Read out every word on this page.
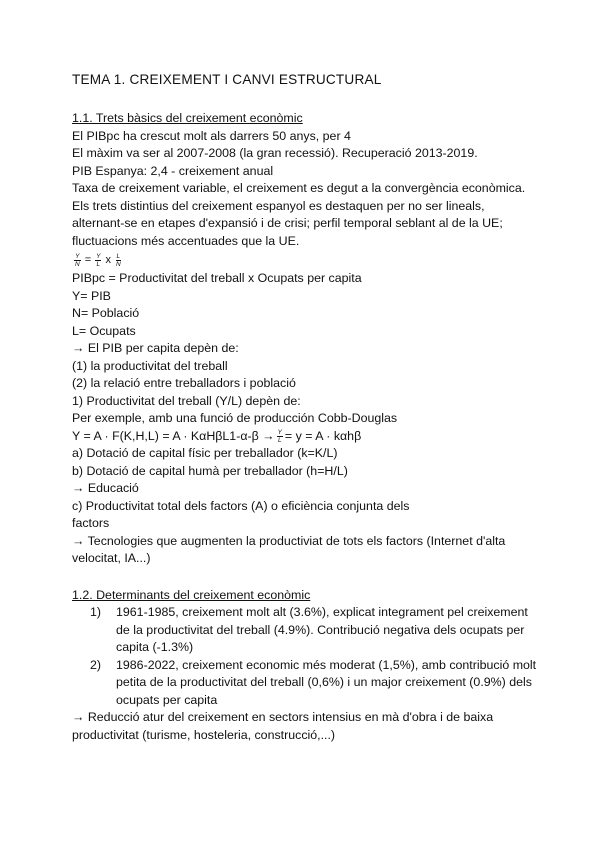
TEMA 1. CREIXEMENT I CANVI ESTRUCTURAL
1.1. Trets bàsics del creixement econòmic
El PIBpc ha crescut molt als darrers 50 anys, per 4
El màxim va ser al 2007-2008 (la gran recessió). Recuperació 2013-2019.
PIB Espanya: 2,4 - creixement anual
Taxa de creixement variable, el creixement es degut a la convergència econòmica.
Els trets distintius del creixement espanyol es destaquen per no ser lineals,
alternant-se en etapes d'expansió i de crisi; perfil temporal seblant al de la UE;
fluctuacions més accentuades que la UE.
$\frac{Y}{N} = \frac{Y}{L}$ x $\frac{L}{N}$
PIBpc = Productivitat del treball x Ocupats per capita
Y= PIB
N= Població
L= Ocupats
→ El PIB per capita depèn de:
(1) la productivitat del treball
(2) la relació entre treballadors i població
1) Productivitat del treball (Y/L) depèn de:
Per exemple, amb una funció de producción Cobb-Douglas
$Y = A \cdot F(K,H,L) = A \cdot K\alpha H\beta L1-\alpha-\beta \to \frac{Y}{L} = y = A \cdot k\alpha h\beta$
a) Dotació de capital físic per treballador (k=K/L)
b) Dotació de capital humà per treballador (h=H/L)
→ Educació
c) Productivitat total dels factors (A) o eficiència conjunta dels
factors
→ Tecnologies que augmenten la productiviat de tots els factors (Internet d'alta
velocitat, IA...)
1.2. Determinants del creixement econòmic
1) 1961-1985, creixement molt alt (3.6%), explicat integrament pel creixement
de la productivitat del treball (4.9%). Contribució negativa dels ocupats per
capita (-1.3%)
2) 1986-2022, creixement economic més moderat (1,5%), amb contribució molt
petita de la productivitat del treball (0,6%) i un major creixement (0.9%) dels
ocupats per capita
→ Reducció atur del creixement en sectors intensius en mà d'obra i de baixa
productivitat (turisme, hosteleria, construcció,...)
